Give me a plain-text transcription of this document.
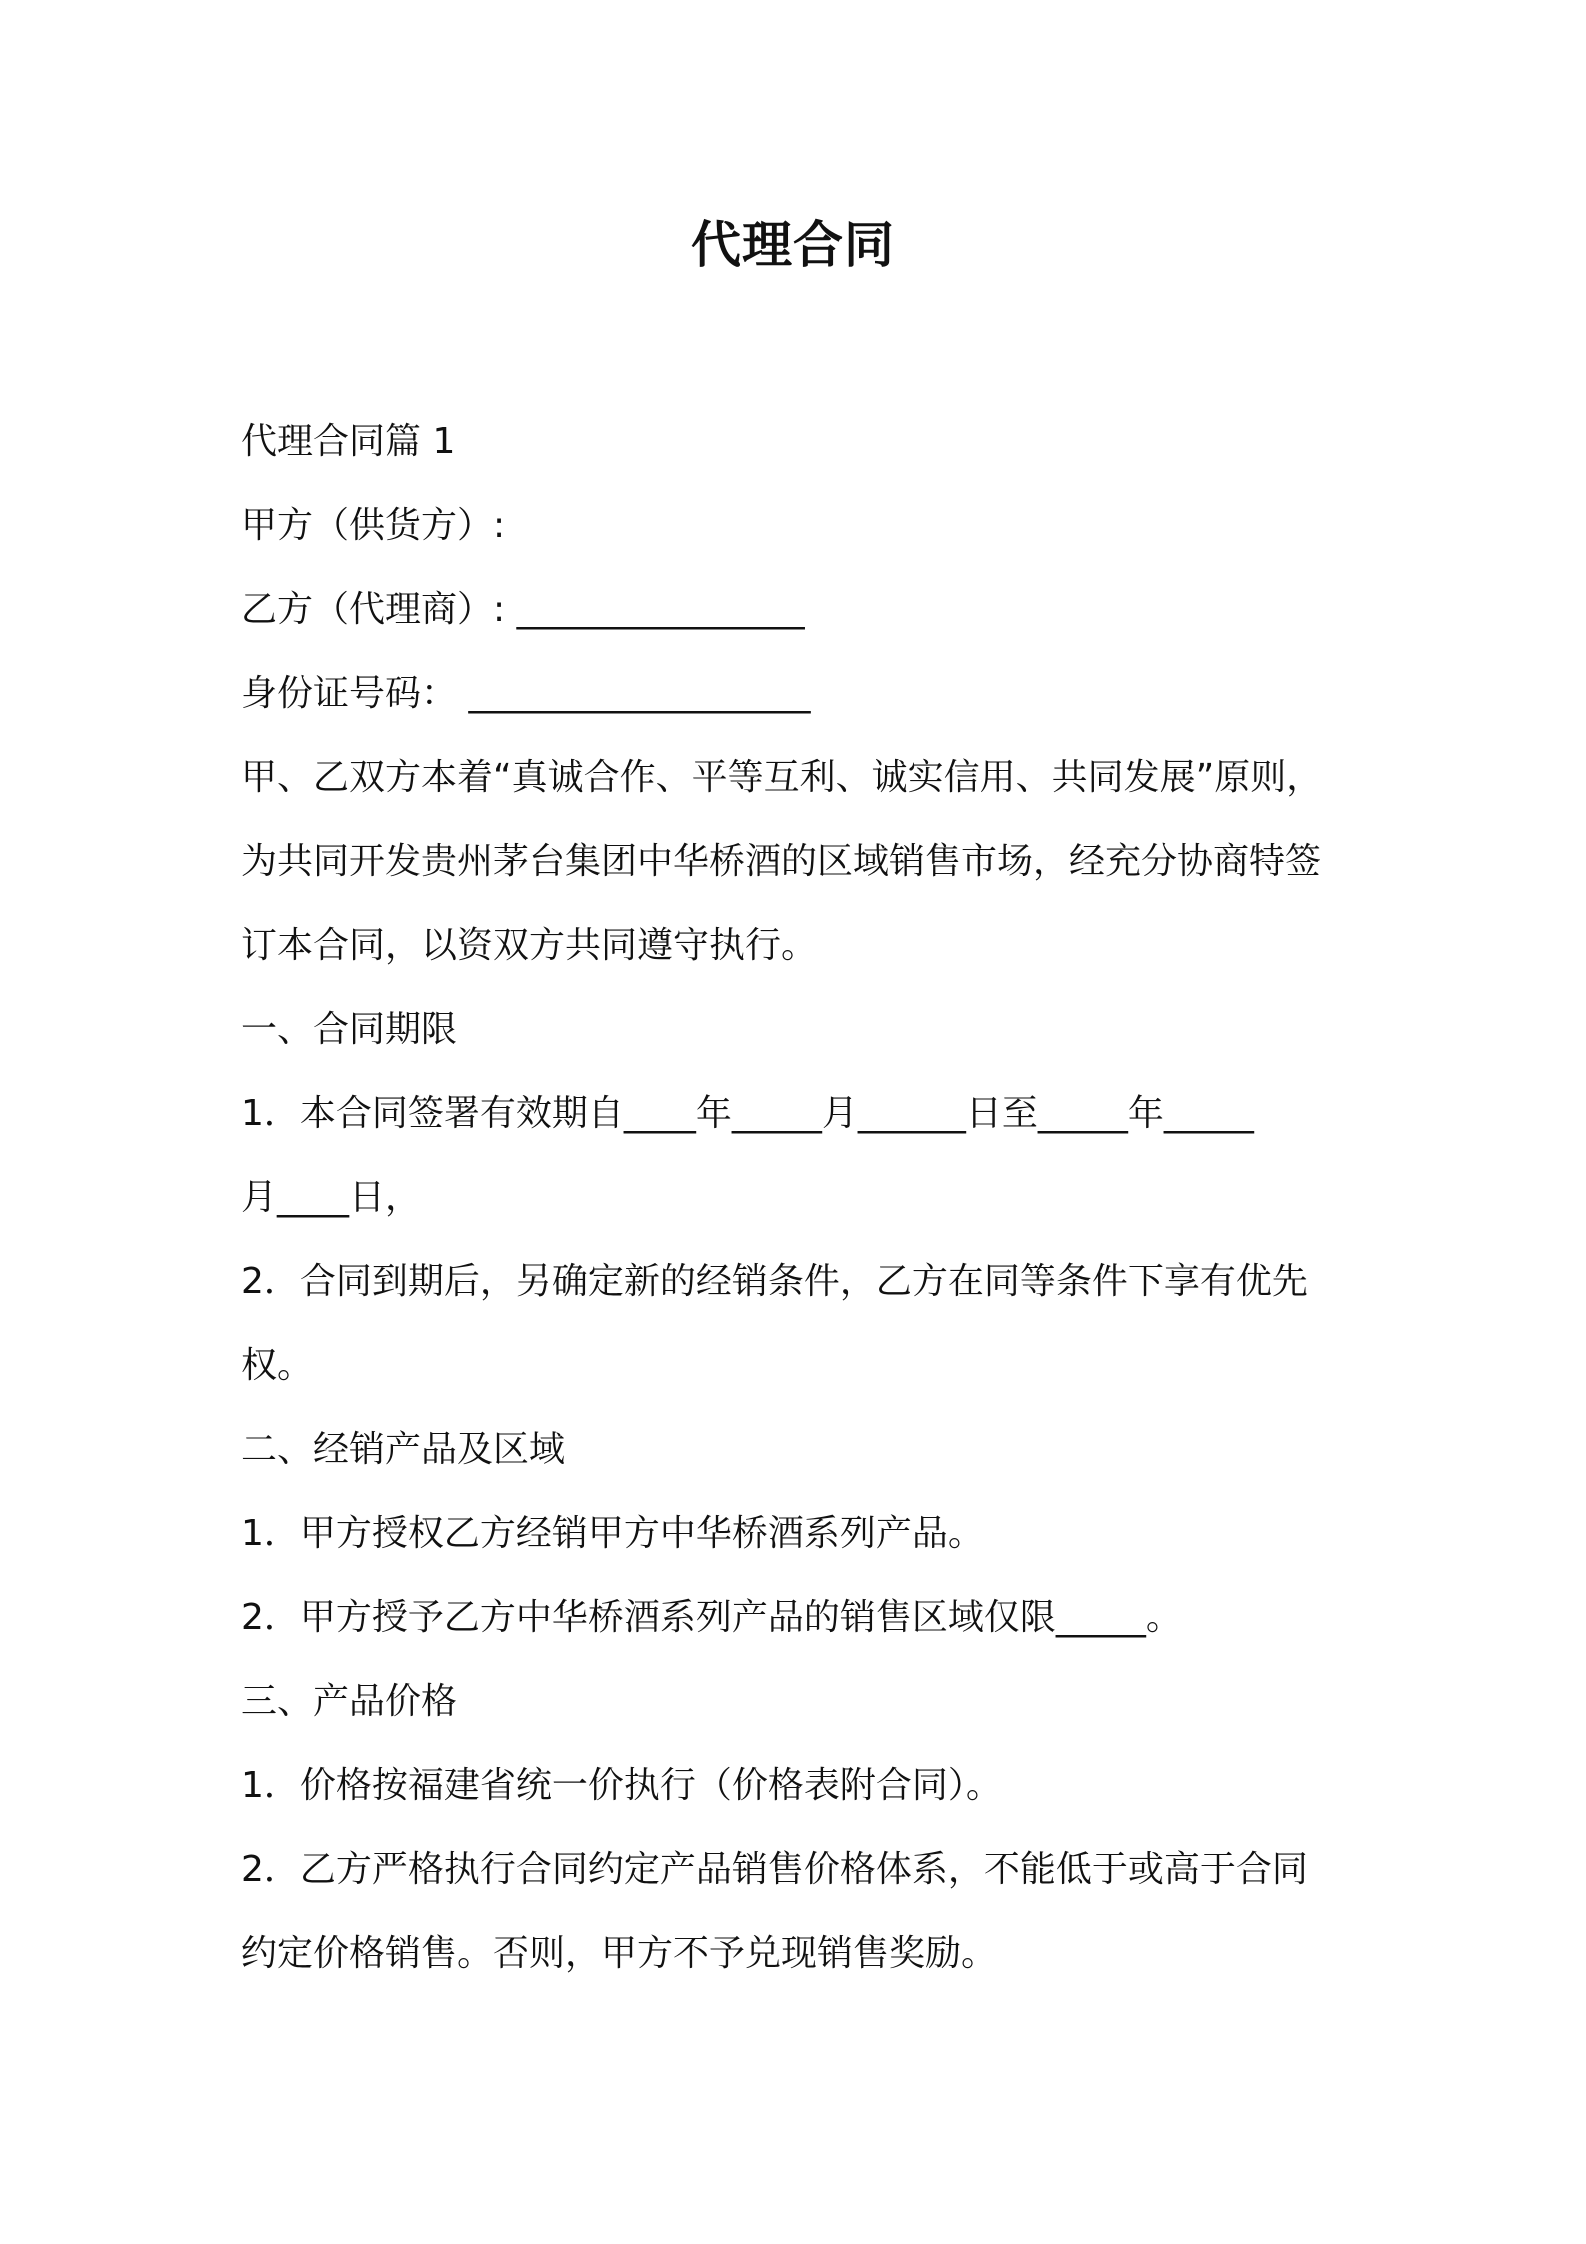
代理合同
代理合同篇 1
甲方（供货方）:
乙方（代理商）: ________________
身份证号码： ___________________
甲、乙双方本着“真诚合作、平等互利、诚实信用、共同发展”原则，
为共同开发贵州茅台集团中华桥酒的区域销售市场，经充分协商特签
订本合同，以资双方共同遵守执行。
一、合同期限
1．本合同签署有效期自____年_____月______日至_____年_____
月____日，
2．合同到期后，另确定新的经销条件，乙方在同等条件下享有优先
权。
二、经销产品及区域
1．甲方授权乙方经销甲方中华桥酒系列产品。
2．甲方授予乙方中华桥酒系列产品的销售区域仅限_____。
三、产品价格
1．价格按福建省统一价执行（价格表附合同）。
2．乙方严格执行合同约定产品销售价格体系，不能低于或高于合同
约定价格销售。否则，甲方不予兑现销售奖励。
